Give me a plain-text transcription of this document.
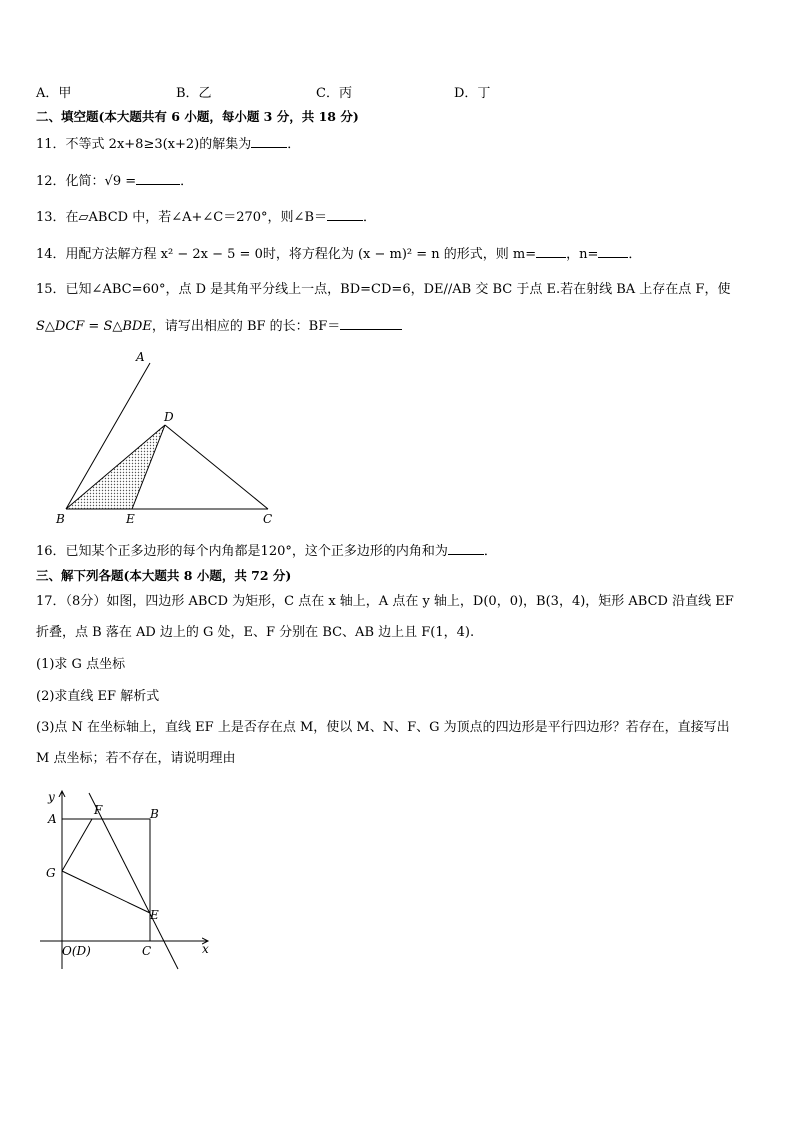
A．甲	B．乙	C．丙	D．丁
二、填空题(本大题共有 6 小题，每小题 3 分，共 18 分)
11．不等式 2x+8≥3(x+2)的解集为	．
12．化简：√9 =	．
13．在▱ABCD 中，若∠A+∠C＝270°，则∠B＝	．
14．用配方法解方程 x² − 2x − 5 = 0时，将方程化为 (x − m)² = n 的形式，则 m= ，n= ．
15．已知∠ABC=60°，点 D 是其角平分线上一点，BD=CD=6，DE//AB 交 BC 于点 E.若在射线 BA 上存在点 F，使
S△DCF = S△BDE，请写出相应的 BF 的长：BF＝
A
B	C
D
E
16．已知某个正多边形的每个内角都是120°，这个正多边形的内角和为	．
三、解下列各题(本大题共 8 小题，共 72 分)
17．（8分）如图，四边形 ABCD 为矩形，C 点在 x 轴上，A 点在 y 轴上，D(0，0)，B(3，4)，矩形 ABCD 沿直线 EF
折叠，点 B 落在 AD 边上的 G 处，E、F 分别在 BC、AB 边上且 F(1，4).
(1)求 G 点坐标
(2)求直线 EF 解析式
(3)点 N 在坐标轴上，直线 EF 上是否存在点 M，使以 M、N、F、G 为顶点的四边形是平行四边形？若存在，直接写出
M 点坐标；若不存在，请说明理由
y
x
A	B
F
G
E
O(D)	C
